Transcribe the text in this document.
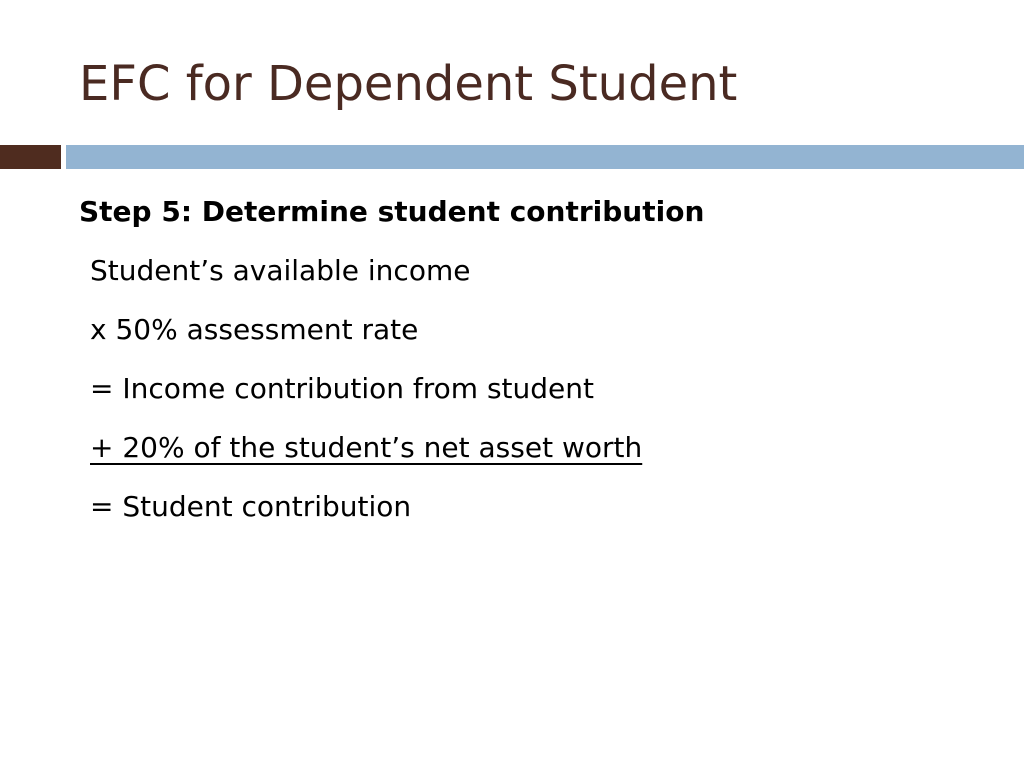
EFC for Dependent Student
Step 5: Determine student contribution
Student’s available income
x 50% assessment rate
= Income contribution from student
+ 20% of the student’s net asset worth
= Student contribution
